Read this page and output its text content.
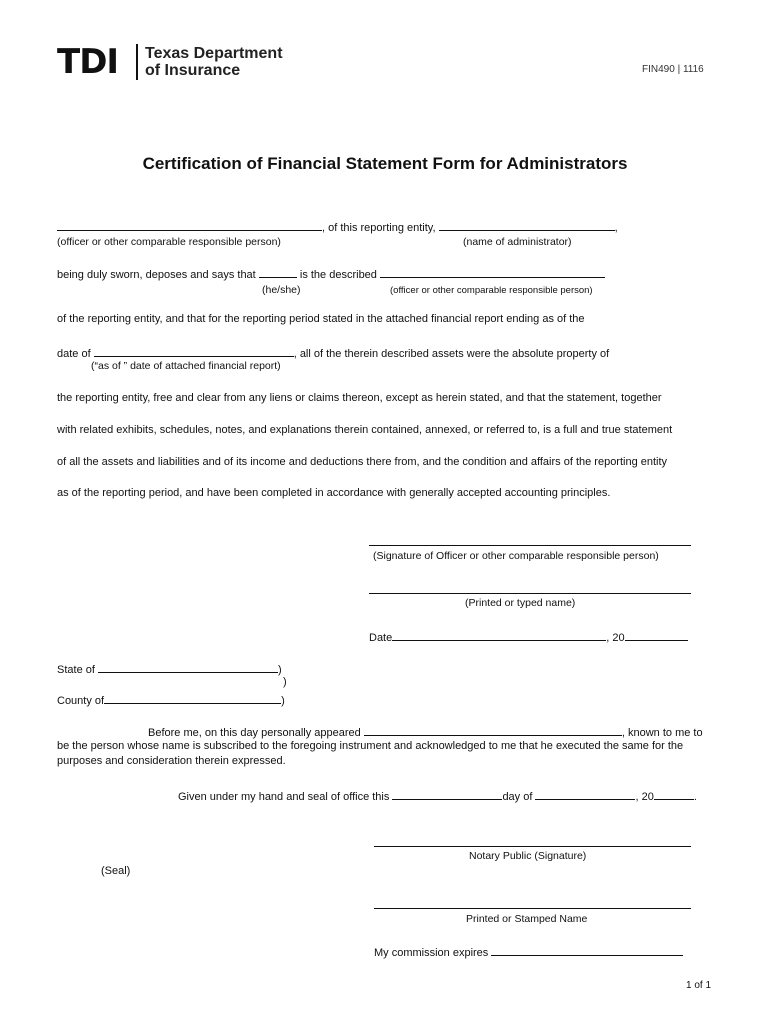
TDI Texas Department
of Insurance	FIN490 | 1116
Certification of Financial Statement Form for Administrators
, of this reporting entity,	,
(officer or other comparable responsible person)	(name of administrator)
being duly sworn, deposes and says that	is the described
(he/she)	(officer or other comparable responsible person)
of the reporting entity, and that for the reporting period stated in the attached financial report ending as of the
date of	, all of the therein described assets were the absolute property of
(“as of ” date of attached financial report)
the reporting entity, free and clear from any liens or claims thereon, except as herein stated, and that the statement, together
with related exhibits, schedules, notes, and explanations therein contained, annexed, or referred to, is a full and true statement
of all the assets and liabilities and of its income and deductions there from, and the condition and affairs of the reporting entity
as of the reporting period, and have been completed in accordance with generally accepted accounting principles.
(Signature of Officer or other comparable responsible person)
(Printed or typed name)
Date	, 20
State of	)
)
County of	)
Before me, on this day personally appeared	, known to me to
be the person whose name is subscribed to the foregoing instrument and acknowledged to me that he executed the same for the
purposes and consideration therein expressed.
Given under my hand and seal of office this	day of	, 20	.
Notary Public (Signature)
(Seal)
Printed or Stamped Name
My commission expires
1 of 1
